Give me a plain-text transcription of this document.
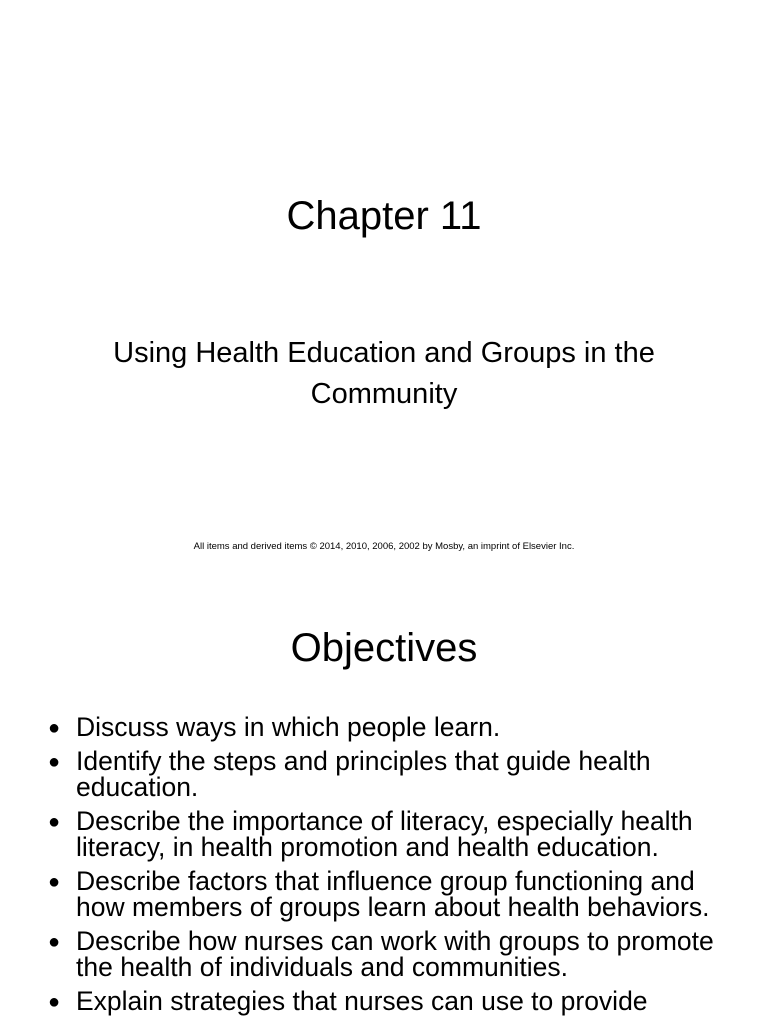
Chapter 11
Using Health Education and Groups in the Community

All items and derived items © 2014, 2010, 2006, 2002 by Mosby, an imprint of Elsevier Inc.

Objectives
● Discuss ways in which people learn.
● Identify the steps and principles that guide health education.
● Describe the importance of literacy, especially health literacy, in health promotion and health education.
● Describe factors that influence group functioning and how members of groups learn about health behaviors.
● Describe how nurses can work with groups to promote the health of individuals and communities.
● Explain strategies that nurses can use to provide
